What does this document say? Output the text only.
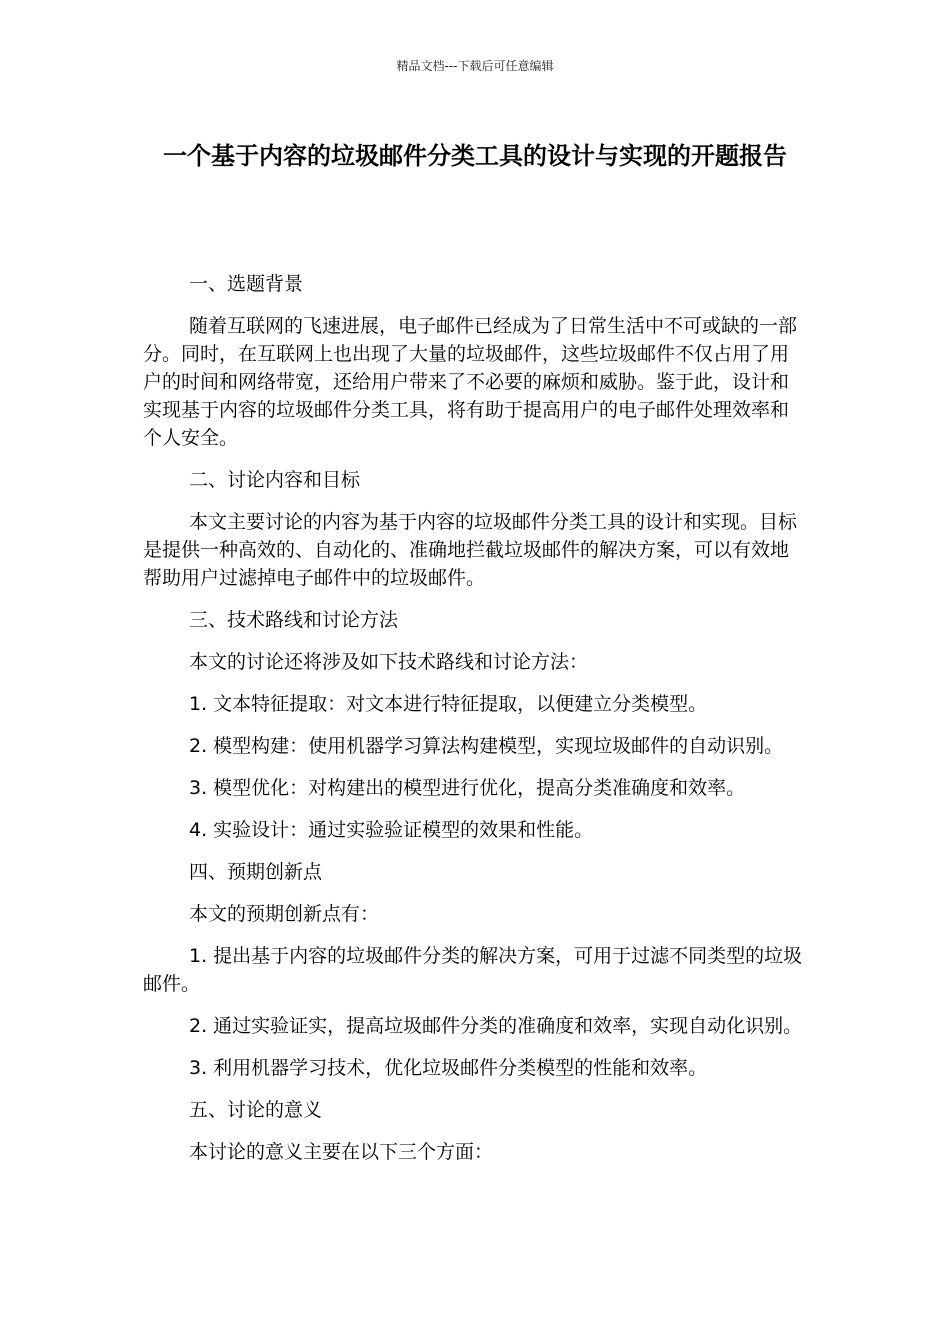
精品文档---下载后可任意编辑
一个基于内容的垃圾邮件分类工具的设计与实现的开题报告

一、选题背景

随着互联网的飞速进展，电子邮件已经成为了日常生活中不可或缺的一部分。同时，在互联网上也出现了大量的垃圾邮件，这些垃圾邮件不仅占用了用户的时间和网络带宽，还给用户带来了不必要的麻烦和威胁。鉴于此，设计和实现基于内容的垃圾邮件分类工具，将有助于提高用户的电子邮件处理效率和个人安全。

二、讨论内容和目标

本文主要讨论的内容为基于内容的垃圾邮件分类工具的设计和实现。目标是提供一种高效的、自动化的、准确地拦截垃圾邮件的解决方案，可以有效地帮助用户过滤掉电子邮件中的垃圾邮件。

三、技术路线和讨论方法

本文的讨论还将涉及如下技术路线和讨论方法：

1. 文本特征提取：对文本进行特征提取，以便建立分类模型。

2. 模型构建：使用机器学习算法构建模型，实现垃圾邮件的自动识别。

3. 模型优化：对构建出的模型进行优化，提高分类准确度和效率。

4. 实验设计：通过实验验证模型的效果和性能。

四、预期创新点

本文的预期创新点有：

1. 提出基于内容的垃圾邮件分类的解决方案，可用于过滤不同类型的垃圾邮件。

2. 通过实验证实，提高垃圾邮件分类的准确度和效率，实现自动化识别。

3. 利用机器学习技术，优化垃圾邮件分类模型的性能和效率。

五、讨论的意义

本讨论的意义主要在以下三个方面：
